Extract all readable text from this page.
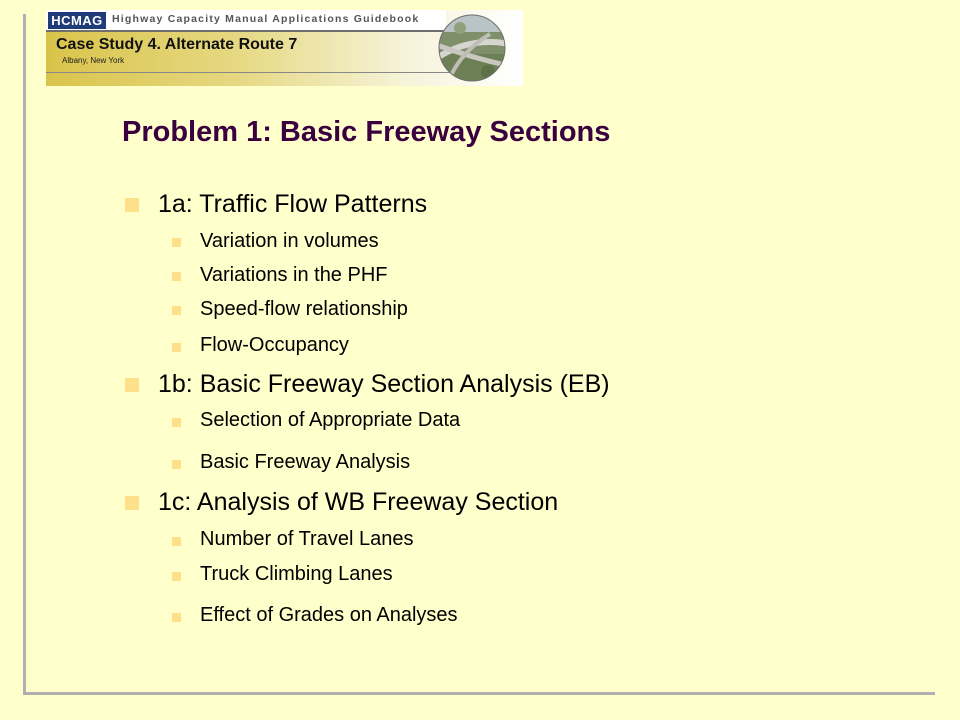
HCMAG Highway Capacity Manual Applications Guidebook
Case Study 4. Alternate Route 7
Albany, New York
Problem 1: Basic Freeway Sections
1a: Traffic Flow Patterns
Variation in volumes
Variations in the PHF
Speed-flow relationship
Flow-Occupancy
1b: Basic Freeway Section Analysis (EB)
Selection of Appropriate Data
Basic Freeway Analysis
1c: Analysis of WB Freeway Section
Number of Travel Lanes
Truck Climbing Lanes
Effect of Grades on Analyses
